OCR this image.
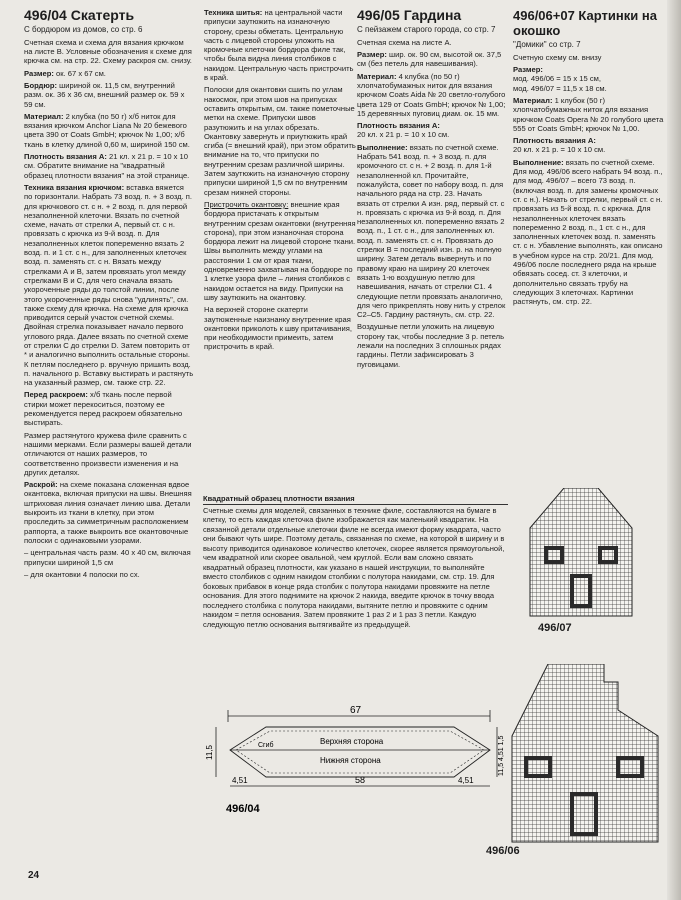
496/04 Скатерть

С бордюром из домов, со стр. 6

Счетная схема и схема для вязания крючком на листе B. Условные обозначения к схеме для крючка см. на стр. 22. Схему раскроя см. снизу.

Размер: ок. 67 x 67 см.

Бордюр: шириной ок. 11,5 см, внутренний разм. ок. 36 x 36 см, внешний размер ок. 59 x 59 см.

Материал: 2 клубка (по 50 г) х/б ниток для вязания крючком Anchor Liana № 20 бежевого цвета 390 от Coats GmbH; крючок № 1,00; х/б ткань в клетку длиной 0,60 м, шириной 150 см.

Плотность вязания А: 21 кл. x 21 р. = 10 x 10 см. Обратите внимание на "квадратный образец плотности вязания" на этой странице.

Техника вязания крючком: вставка вяжется по горизонтали. Набрать 73 возд. п. + 3 возд. п. для крючкового ст. с н. + 2 возд. п. для первой незаполненной клеточки. Вязать по счетной схеме, начать от стрелки А, первый ст. с н. провязать с крючка из 9-й возд. п. Для незаполненных клеток попеременно вязать 2 возд. п. и 1 ст. с н., для заполненных клеточек возд. п. заменять ст. с н. Вязать между стрелками А и В, затем провязать угол между стрелками В и С, для чего сначала вязать укороченные ряды до толстой линии, после этого укороченные ряды снова "удлинять", см. также схему для крючка. На схеме для крючка приводится серый участок счетной схемы. Двойная стрелка показывает начало первого углового ряда. Далее вязать по счетной схеме от стрелки С до стрелки D. Затем повторить от * и аналогично выполнить остальные стороны. К петлям последнего р. вручную пришить возд. п. начального р. Вставку выстирать и растянуть на указанный размер, см. также стр. 22.

Перед раскроем: х/б ткань после первой стирки может перекоситься, поэтому ее рекомендуется перед раскроем обязательно выстирать.

Размер растянутого кружева филе сравнить с нашими мерками. Если размеры вашей детали отличаются от наших размеров, то соответственно произвести изменения и на других деталях.

Раскрой: на схеме показана сложенная вдвое окантовка, включая припуски на швы. Внешняя штриховая линия означает линию шва. Детали выкроить из ткани в клетку, при этом проследить за симметричным расположением раппорта, а также выкроить все окантовочные полоски с одинаковыми узорами.

– центральная часть разм. 40 x 40 см, включая припуски шириной 1,5 см

– для окантовки 4 полоски по сх.

Техника шитья: на центральной части припуски заутюжить на изнаночную сторону, срезы обметать. Центральную часть с лицевой стороны уложить на кромочные клеточки бордюра филе так, чтобы была видна линия столбиков с накидом. Центральную часть пристрочить в край.

Полоски для окантовки сшить по углам накосмок, при этом шов на припусках оставить открытым, см. также пометочные метки на схеме. Припуски швов разутюжить и на углах обрезать. Окантовку завернуть и приутюжить край сгиба (= внешний край), при этом обратить внимание на то, что припуски по внутренним срезам различной ширины. Затем заутюжить на изнаночную сторону припуски шириной 1,5 см по внутренним срезам нижней стороны.

Пристрочить окантовку: внешние края бордюра пристачать к открытым внутренним срезам окантовки (внутренняя сторона), при этом изнаночная сторона бордюра лежит на лицевой стороне ткани. Швы выполнить между углами на расстоянии 1 см от края ткани, одновременно захватывая на бордюре по 1 клетке узора филе – линия столбиков с накидом остается на виду. Припуски на шву заутюжить на окантовку.

На верхней стороне скатерти заутюженные наизнанку внутренние края окантовки приколоть к шву притачивания, при необходимости примеить, затем пристрочить в край.

496/05 Гардина

С пейзажем старого города, со стр. 7

Счетная схема на листе A.

Размер: шир. ок. 90 см, высотой ок. 37,5 см (без петель для навешивания).

Материал: 4 клубка (по 50 г) хлопчатобумажных ниток для вязания крючком Coats Aida № 20 светло-голубого цвета 129 от Coats GmbH; крючок № 1,00; 15 деревянных пуговиц диам. ок. 15 мм.

Плотность вязания А:
20 кл. x 21 р. = 10 x 10 см.

Выполнение: вязать по счетной схеме. Набрать 541 возд. п. + 3 возд. п. для кромочного ст. с н. + 2 возд. п. для 1-й незаполненной кл. Прочитайте, пожалуйста, совет по набору возд. п. для начального ряда на стр. 23. Начать вязать от стрелки А изн. ряд, первый ст. с н. провязать с крючка из 9-й возд. п. Для незаполненных кл. попеременно вязать 2 возд. п., 1 ст. с н., для заполненных кл. возд. п. заменять ст. с н. Провязать до стрелки В = последний изн. р. на полную ширину. Затем деталь вывернуть и по правому краю на ширину 20 клеточек вязать 1-ю воздушную петлю для навешивания, начать от стрелки С1. 4 следующие петли провязать аналогично, для чего прикреплять нову нить у стрелок С2–С5. Гардину растянуть, см. стр. 22.

Воздушные петли уложить на лицевую сторону так, чтобы последние 3 р. петель лежали на последних 3 сплошных рядах гардины. Петли зафиксировать 3 пуговицами.

496/06+07 Картинки на окошко

"Домики" со стр. 7

Счетную схему см. внизу

Размер:
мод. 496/06 = 15 x 15 см,
мод. 496/07 = 11,5 x 18 см.

Материал: 1 клубок (50 г) хлопчатобумажных ниток для вязания крючком Coats Opera № 20 голубого цвета 555 от Coats GmbH; крючок № 1,00.

Плотность вязания А:
20 кл. x 21 р. = 10 x 10 см.

Выполнение: вязать по счетной схеме. Для мод. 496/06 всего набрать 94 возд. п., для мод. 496/07 – всего 73 возд. п. (включая возд. п. для замены кромочных ст. с н.). Начать от стрелки, первый ст. с н. провязать из 5-й возд. п. с крючка. Для незаполненных клеточек вязать попеременно 2 возд. п., 1 ст. с н., для заполненных клеточек возд. п. заменять ст. с н. Убавление выполнять, как описано в учебном курсе на стр. 20/21. Для мод. 496/06 после последнего ряда на крыше обвязать сосед. ст. 3 клеточки, и дополнительно связать трубу на следующих 3 клеточках. Картинки растянуть, см. стр. 22.

Квадратный образец плотности вязания
Счетные схемы для моделей, связанных в технике филе, составляются на бумаге в клетку, то есть каждая клеточка филе изображается как маленький квадратик. На связанной детали отдельные клеточки филе не всегда имеют форму квадрата, часто они бывают чуть шире. Поэтому деталь, связанная по схеме, на которой в ширину и в высоту приводится одинаковое количество клеточек, скорее является прямоугольной, чем квадратной или скорее овальной, чем круглой. Если вам сложно связать квадратный образец плотности, как указано в нашей инструкции, то выполняйте вместо столбиков с одним накидом столбики с полутора накидами, см. стр. 19. Для боковых прибавок в конце ряда столбик с полутора накидами провяжите на петле основания. Для этого поднимите на крючок 2 накида, введите крючок в точку ввода последнего столбика с полутора накидами, вытяните петлю и провяжите с одним накидом = петля основания. Затем провяжите 1 раз 2 и 1 раз 3 петли. Каждую следующую петлю основания вытягивайте из предыдущей.
67
Сгиб	Верхняя сторона
Нижняя сторона
11,5
4,51	58	4,51
11,5 4,51 1,5
496/04
496/07
496/06
24
